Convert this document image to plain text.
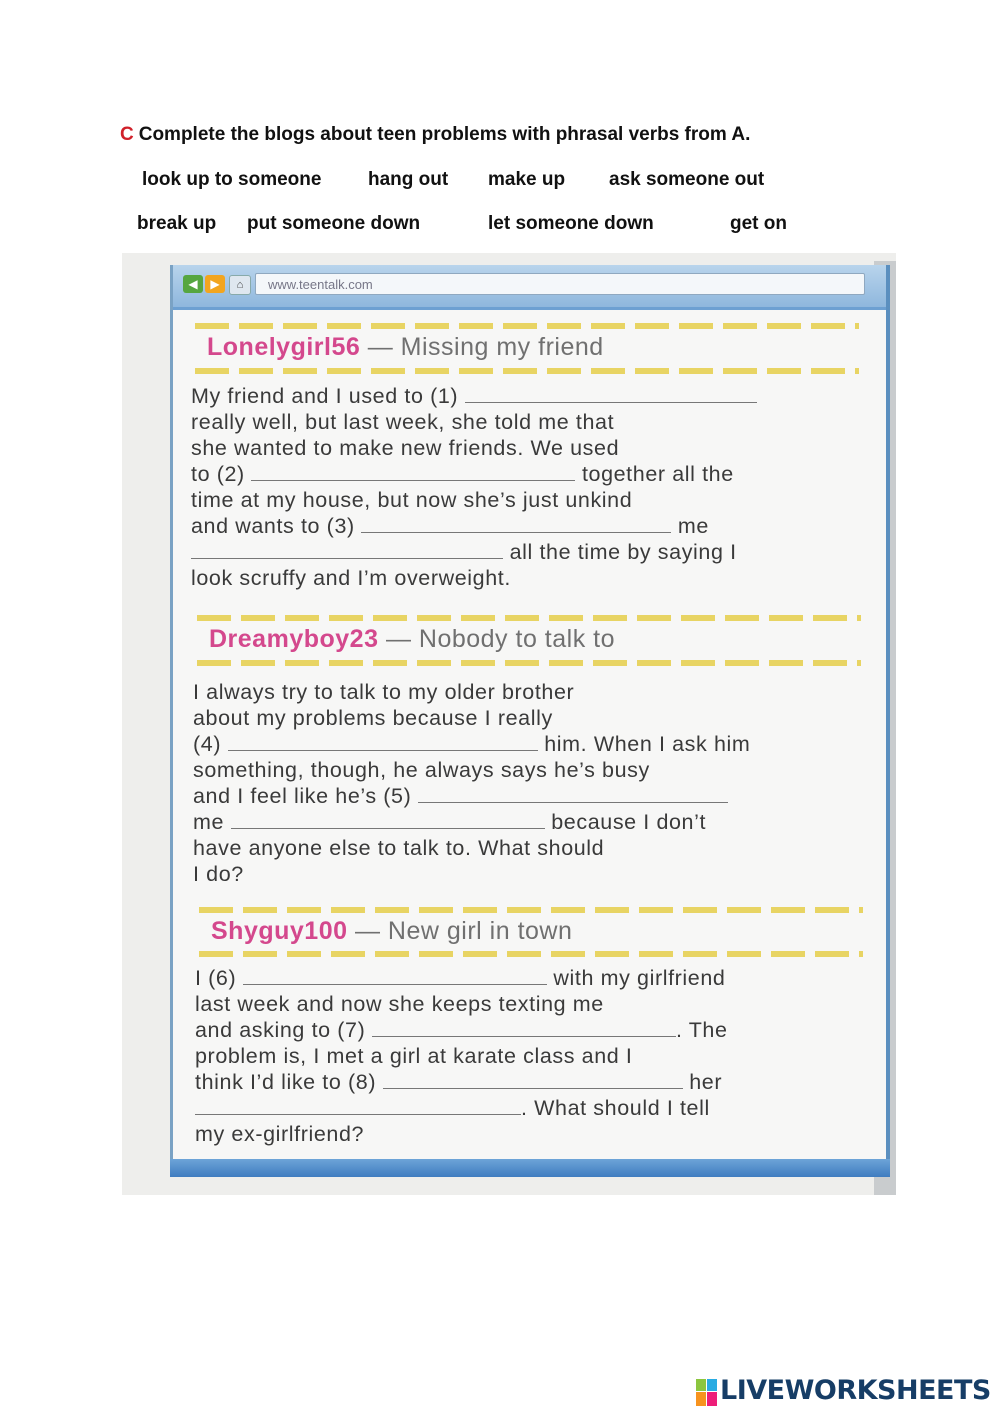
C Complete the blogs about teen problems with phrasal verbs from A.
look up to someone hang out make up ask someone out
break up put someone down	let someone down	get on
◀	▶	⌂	www.teentalk.com
Lonelygirl56 — Missing my friend
My friend and I used to (1)
really well, but last week, she told me that
she wanted to make new friends. We used
to (2)	together all the
time at my house, but now she’s just unkind
and wants to (3)	me
all the time by saying I
look scruffy and I’m overweight.
Dreamyboy23 — Nobody to talk to
I always try to talk to my older brother
about my problems because I really
(4)	him. When I ask him
something, though, he always says he’s busy
and I feel like he’s (5)
me	because I don’t
have anyone else to talk to. What should
I do?
Shyguy100 — New girl in town
I (6)	with my girlfriend
last week and now she keeps texting me
and asking to (7)	. The
problem is, I met a girl at karate class and I
think I’d like to (8)	her
. What should I tell
my ex-girlfriend?
LIVEWORKSHEETS
